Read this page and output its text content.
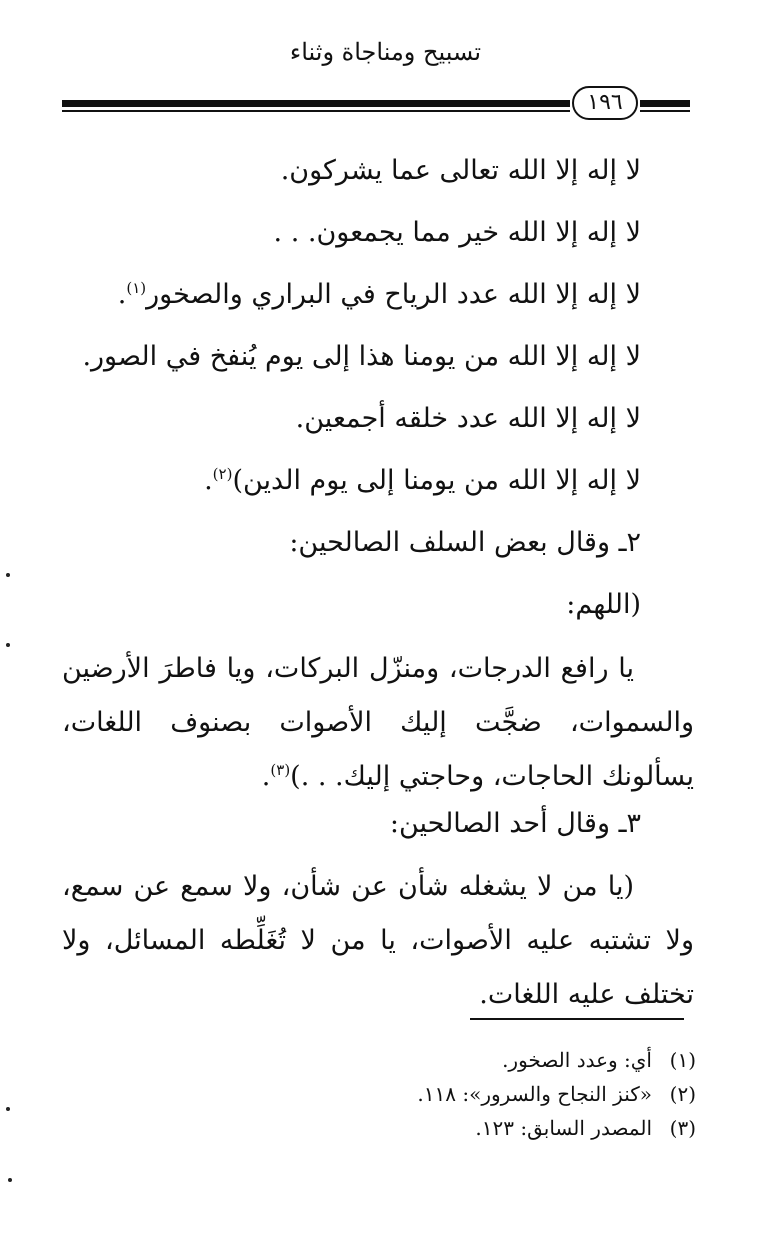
تسبيح ومناجاة وثناء
١٩٦
لا إله إلا الله تعالى عما يشركون.
لا إله إلا الله خير مما يجمعون. . .
لا إله إلا الله عدد الرياح في البراري والصخور$^{(١)}$.
لا إله إلا الله من يومنا هذا إلى يوم يُنفخ في الصور.
لا إله إلا الله عدد خلقه أجمعين.
لا إله إلا الله من يومنا إلى يوم الدين)$^{(٢)}$.
٢ـ وقال بعض السلف الصالحين:
(اللهم:

يا رافع الدرجات، ومنزّل البركات، ويا فاطرَ الأرضين والسموات، ضجَّت إليك الأصوات بصنوف اللغات، يسألونك الحاجات، وحاجتي إليك. . .)$^{(٣)}$.

٣ـ وقال أحد الصالحين:

(يا من لا يشغله شأن عن شأن، ولا سمع عن سمع، ولا تشتبه عليه الأصوات، يا من لا تُغَلِّطه المسائل، ولا تختلف عليه اللغات.

(١)أي: وعدد الصخور.
(٢)«كنز النجاح والسرور»: ١١٨.
(٣)المصدر السابق: ١٢٣.
